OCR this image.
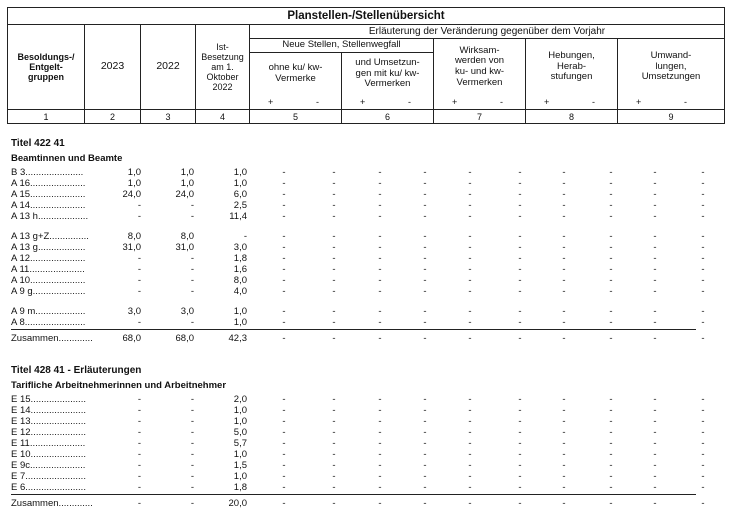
Planstellen-/Stellenübersicht
Erläuterung der Veränderung gegenüber dem Vorjahr
Besoldungs-/ Entgelt- gruppen
2023	2022
Ist- Besetzung am 1. Oktober 2022
Neue Stellen, Stellenwegfall
ohne ku/ kw-Vermerke
und Umsetzun- gen mit ku/ kw-Vermerken
Wirksam- werden von ku- und kw- Vermerken
Hebungen, Herab- stufungen
Umwand- lungen, Umsetzungen
+	-	+	-	+	-	+	-	+	-
1	2	3	4	5	6	7	8	9
Titel 422 41
Beamtinnen und Beamte
B 3......................	1,0	1,0	1,0	-	-	-	-	-	-	-	-	-	-
A 16.....................	1,0	1,0	1,0	-	-	-	-	-	-	-	-	-	-
A 15.....................	24,0	24,0	6,0	-	-	-	-	-	-	-	-	-	-
A 14.....................	-	-	2,5	-	-	-	-	-	-	-	-	-	-
A 13 h...................	-	-	11,4	-	-	-	-	-	-	-	-	-	-
A 13 g+Z...............	8,0	8,0	-	-	-	-	-	-	-	-	-	-	-
A 13 g..................	31,0	31,0	3,0	-	-	-	-	-	-	-	-	-	-
A 12.....................	-	-	1,8	-	-	-	-	-	-	-	-	-	-
A 11.....................	-	-	1,6	-	-	-	-	-	-	-	-	-	-
A 10.....................	-	-	8,0	-	-	-	-	-	-	-	-	-	-
A 9 g....................	-	-	4,0	-	-	-	-	-	-	-	-	-	-
A 9 m...................	3,0	3,0	1,0	-	-	-	-	-	-	-	-	-	-
A 8.......................	-	-	1,0	-	-	-	-	-	-	-	-	-	-
Zusammen.............	68,0	68,0	42,3	-	-	-	-	-	-	-	-	-	-
Titel 428 41 - Erläuterungen
Tarifliche Arbeitnehmerinnen und Arbeitnehmer
E 15.....................	-	-	2,0	-	-	-	-	-	-	-	-	-	-
E 14.....................	-	-	1,0	-	-	-	-	-	-	-	-	-	-
E 13.....................	-	-	1,0	-	-	-	-	-	-	-	-	-	-
E 12.....................	-	-	5,0	-	-	-	-	-	-	-	-	-	-
E 11.....................	-	-	5,7	-	-	-	-	-	-	-	-	-	-
E 10.....................	-	-	1,0	-	-	-	-	-	-	-	-	-	-
E 9c.....................	-	-	1,5	-	-	-	-	-	-	-	-	-	-
E 7.......................	-	-	1,0	-	-	-	-	-	-	-	-	-	-
E 6.......................	-	-	1,8	-	-	-	-	-	-	-	-	-	-
Zusammen.............	-	-	20,0	-	-	-	-	-	-	-	-	-	-
